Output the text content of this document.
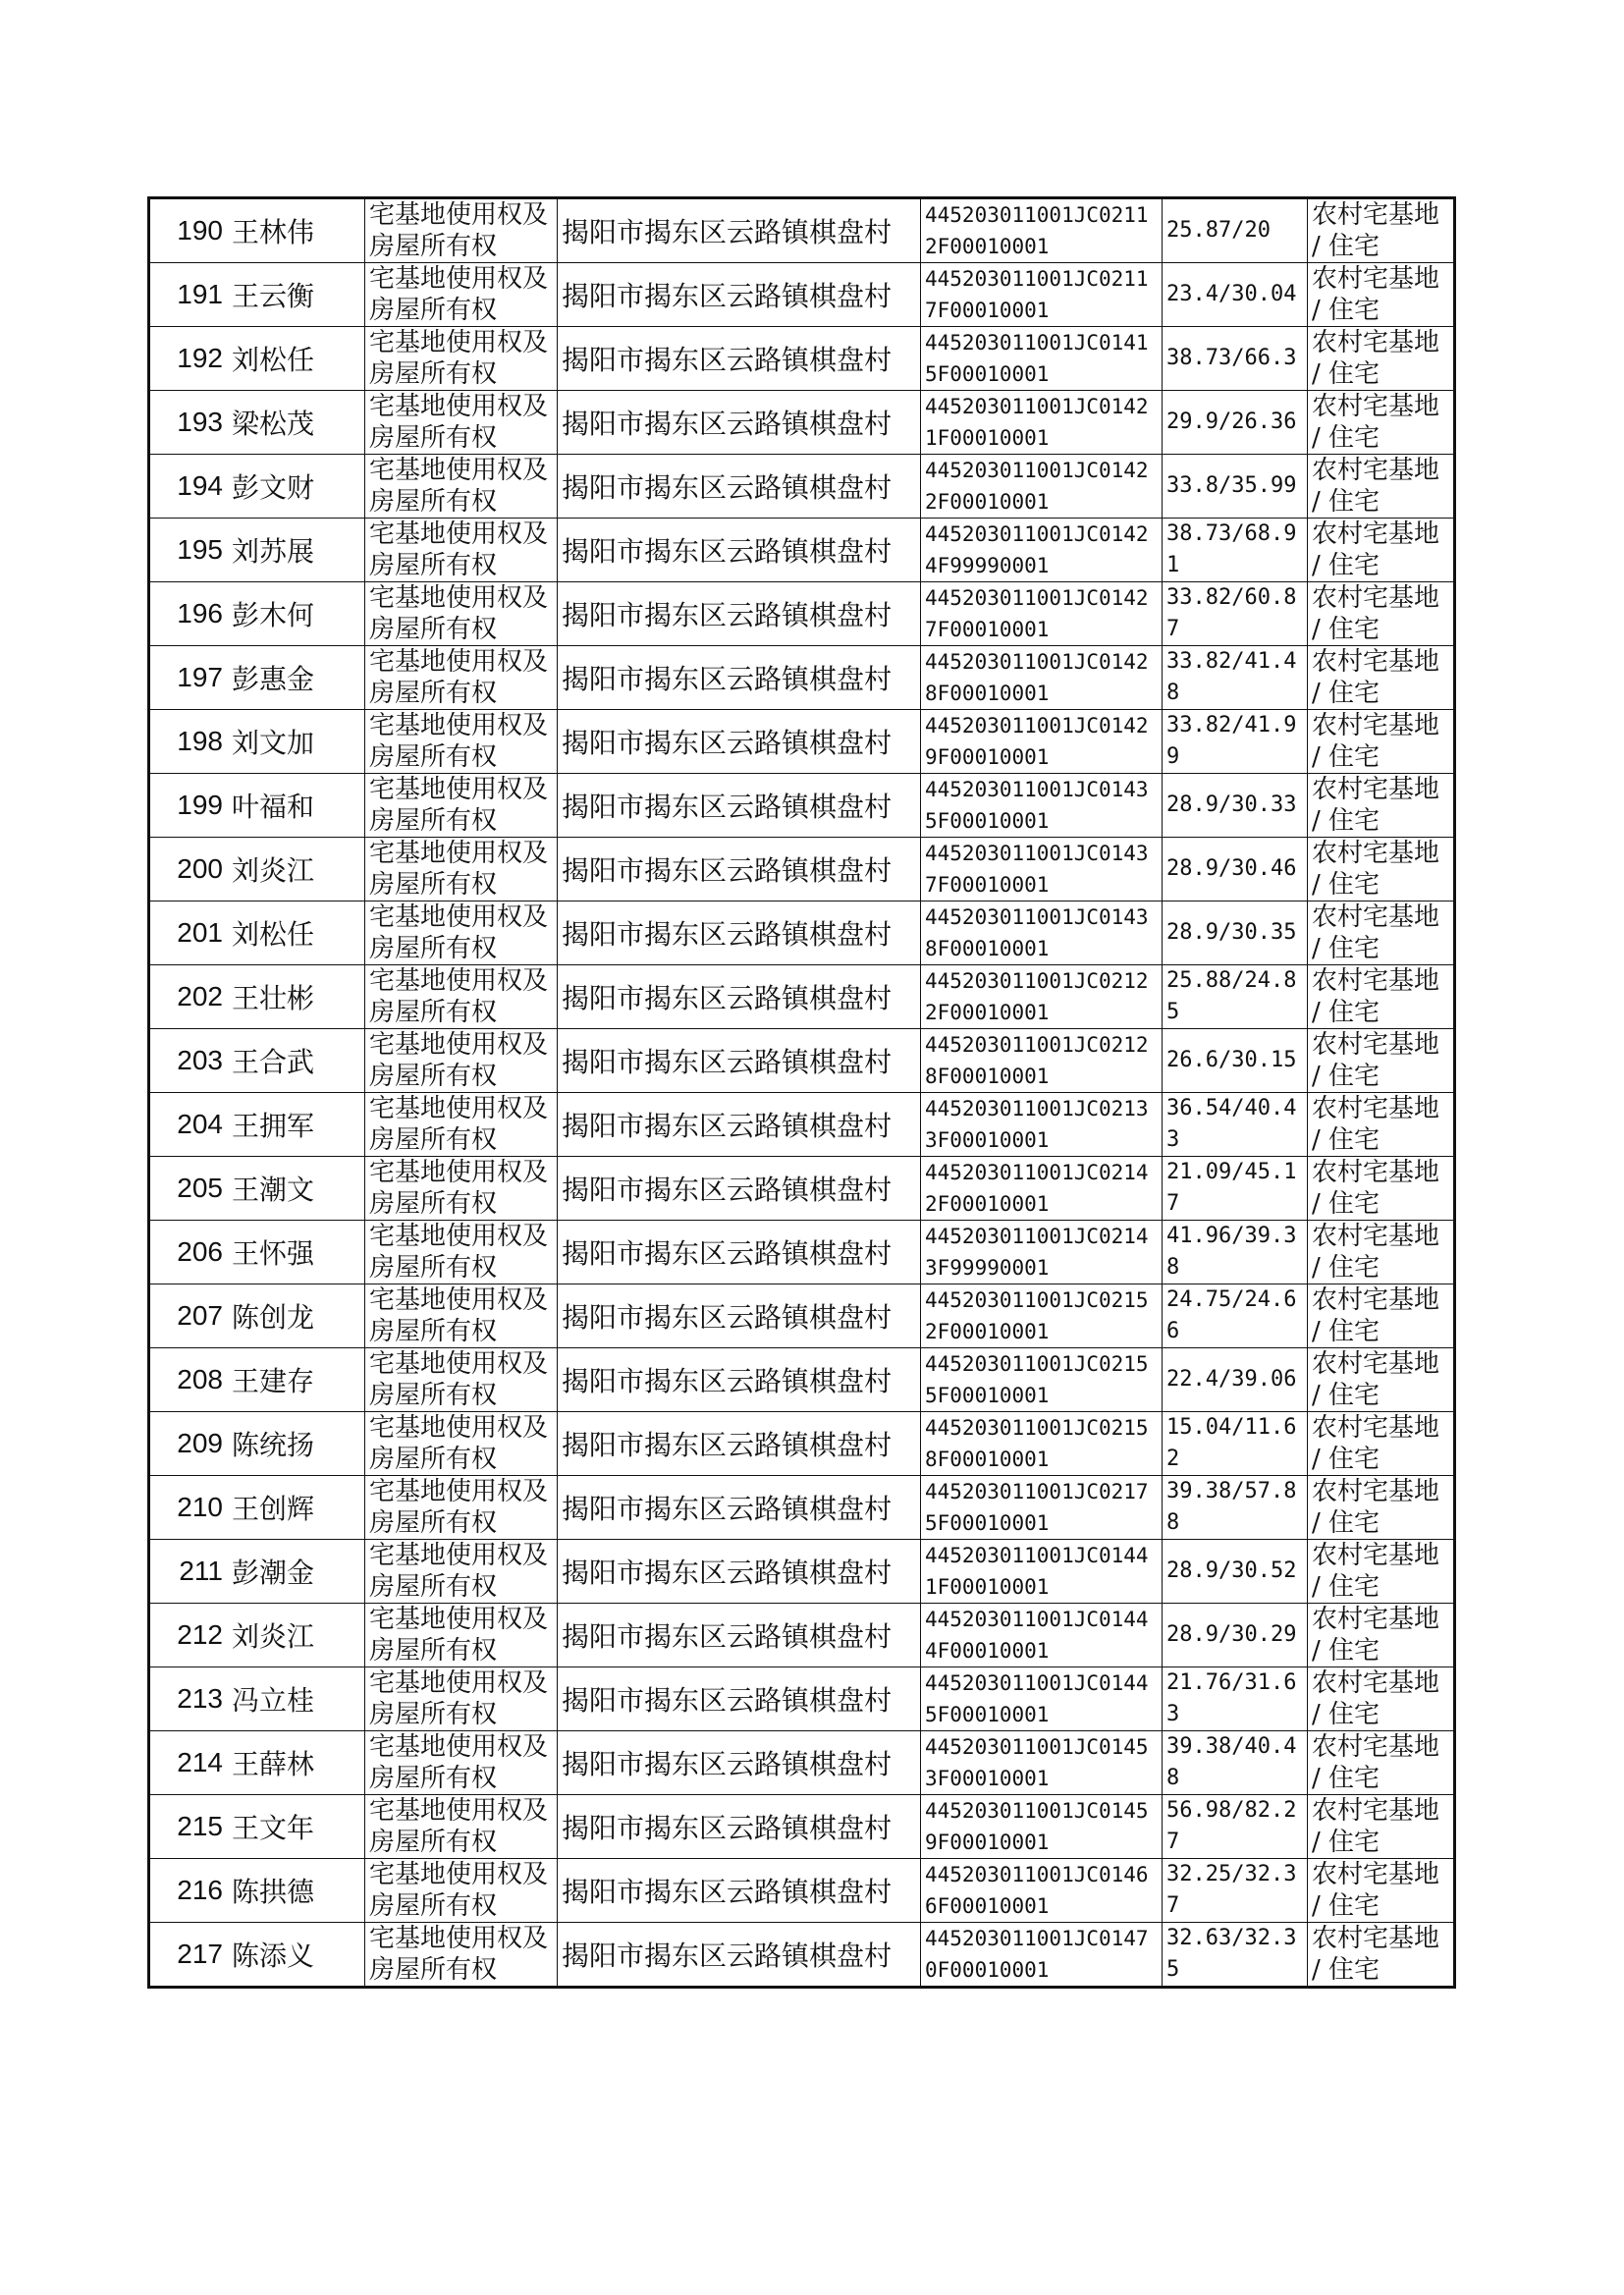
190	王林伟	宅基地使用权及房屋所有权	揭阳市揭东区云路镇棋盘村	445203011001JC02112F00010001	25.87/20	农村宅基地 / 住宅
191	王云衡	宅基地使用权及房屋所有权	揭阳市揭东区云路镇棋盘村	445203011001JC02117F00010001	23.4/30.04	农村宅基地 / 住宅
192	刘松任	宅基地使用权及房屋所有权	揭阳市揭东区云路镇棋盘村	445203011001JC01415F00010001	38.73/66.3	农村宅基地 / 住宅
193	梁松茂	宅基地使用权及房屋所有权	揭阳市揭东区云路镇棋盘村	445203011001JC01421F00010001	29.9/26.36	农村宅基地 / 住宅
194	彭文财	宅基地使用权及房屋所有权	揭阳市揭东区云路镇棋盘村	445203011001JC01422F00010001	33.8/35.99	农村宅基地 / 住宅
195	刘苏展	宅基地使用权及房屋所有权	揭阳市揭东区云路镇棋盘村	445203011001JC01424F99990001	38.73/68.91	农村宅基地 / 住宅
196	彭木何	宅基地使用权及房屋所有权	揭阳市揭东区云路镇棋盘村	445203011001JC01427F00010001	33.82/60.87	农村宅基地 / 住宅
197	彭惠金	宅基地使用权及房屋所有权	揭阳市揭东区云路镇棋盘村	445203011001JC01428F00010001	33.82/41.48	农村宅基地 / 住宅
198	刘文加	宅基地使用权及房屋所有权	揭阳市揭东区云路镇棋盘村	445203011001JC01429F00010001	33.82/41.99	农村宅基地 / 住宅
199	叶福和	宅基地使用权及房屋所有权	揭阳市揭东区云路镇棋盘村	445203011001JC01435F00010001	28.9/30.33	农村宅基地 / 住宅
200	刘炎江	宅基地使用权及房屋所有权	揭阳市揭东区云路镇棋盘村	445203011001JC01437F00010001	28.9/30.46	农村宅基地 / 住宅
201	刘松任	宅基地使用权及房屋所有权	揭阳市揭东区云路镇棋盘村	445203011001JC01438F00010001	28.9/30.35	农村宅基地 / 住宅
202	王壮彬	宅基地使用权及房屋所有权	揭阳市揭东区云路镇棋盘村	445203011001JC02122F00010001	25.88/24.85	农村宅基地 / 住宅
203	王合武	宅基地使用权及房屋所有权	揭阳市揭东区云路镇棋盘村	445203011001JC02128F00010001	26.6/30.15	农村宅基地 / 住宅
204	王拥军	宅基地使用权及房屋所有权	揭阳市揭东区云路镇棋盘村	445203011001JC02133F00010001	36.54/40.43	农村宅基地 / 住宅
205	王潮文	宅基地使用权及房屋所有权	揭阳市揭东区云路镇棋盘村	445203011001JC02142F00010001	21.09/45.17	农村宅基地 / 住宅
206	王怀强	宅基地使用权及房屋所有权	揭阳市揭东区云路镇棋盘村	445203011001JC02143F99990001	41.96/39.38	农村宅基地 / 住宅
207	陈创龙	宅基地使用权及房屋所有权	揭阳市揭东区云路镇棋盘村	445203011001JC02152F00010001	24.75/24.66	农村宅基地 / 住宅
208	王建存	宅基地使用权及房屋所有权	揭阳市揭东区云路镇棋盘村	445203011001JC02155F00010001	22.4/39.06	农村宅基地 / 住宅
209	陈统扬	宅基地使用权及房屋所有权	揭阳市揭东区云路镇棋盘村	445203011001JC02158F00010001	15.04/11.62	农村宅基地 / 住宅
210	王创辉	宅基地使用权及房屋所有权	揭阳市揭东区云路镇棋盘村	445203011001JC02175F00010001	39.38/57.88	农村宅基地 / 住宅
211	彭潮金	宅基地使用权及房屋所有权	揭阳市揭东区云路镇棋盘村	445203011001JC01441F00010001	28.9/30.52	农村宅基地 / 住宅
212	刘炎江	宅基地使用权及房屋所有权	揭阳市揭东区云路镇棋盘村	445203011001JC01444F00010001	28.9/30.29	农村宅基地 / 住宅
213	冯立桂	宅基地使用权及房屋所有权	揭阳市揭东区云路镇棋盘村	445203011001JC01445F00010001	21.76/31.63	农村宅基地 / 住宅
214	王薛林	宅基地使用权及房屋所有权	揭阳市揭东区云路镇棋盘村	445203011001JC01453F00010001	39.38/40.48	农村宅基地 / 住宅
215	王文年	宅基地使用权及房屋所有权	揭阳市揭东区云路镇棋盘村	445203011001JC01459F00010001	56.98/82.27	农村宅基地 / 住宅
216	陈拱德	宅基地使用权及房屋所有权	揭阳市揭东区云路镇棋盘村	445203011001JC01466F00010001	32.25/32.37	农村宅基地 / 住宅
217	陈添义	宅基地使用权及房屋所有权	揭阳市揭东区云路镇棋盘村	445203011001JC01470F00010001	32.63/32.35	农村宅基地 / 住宅
